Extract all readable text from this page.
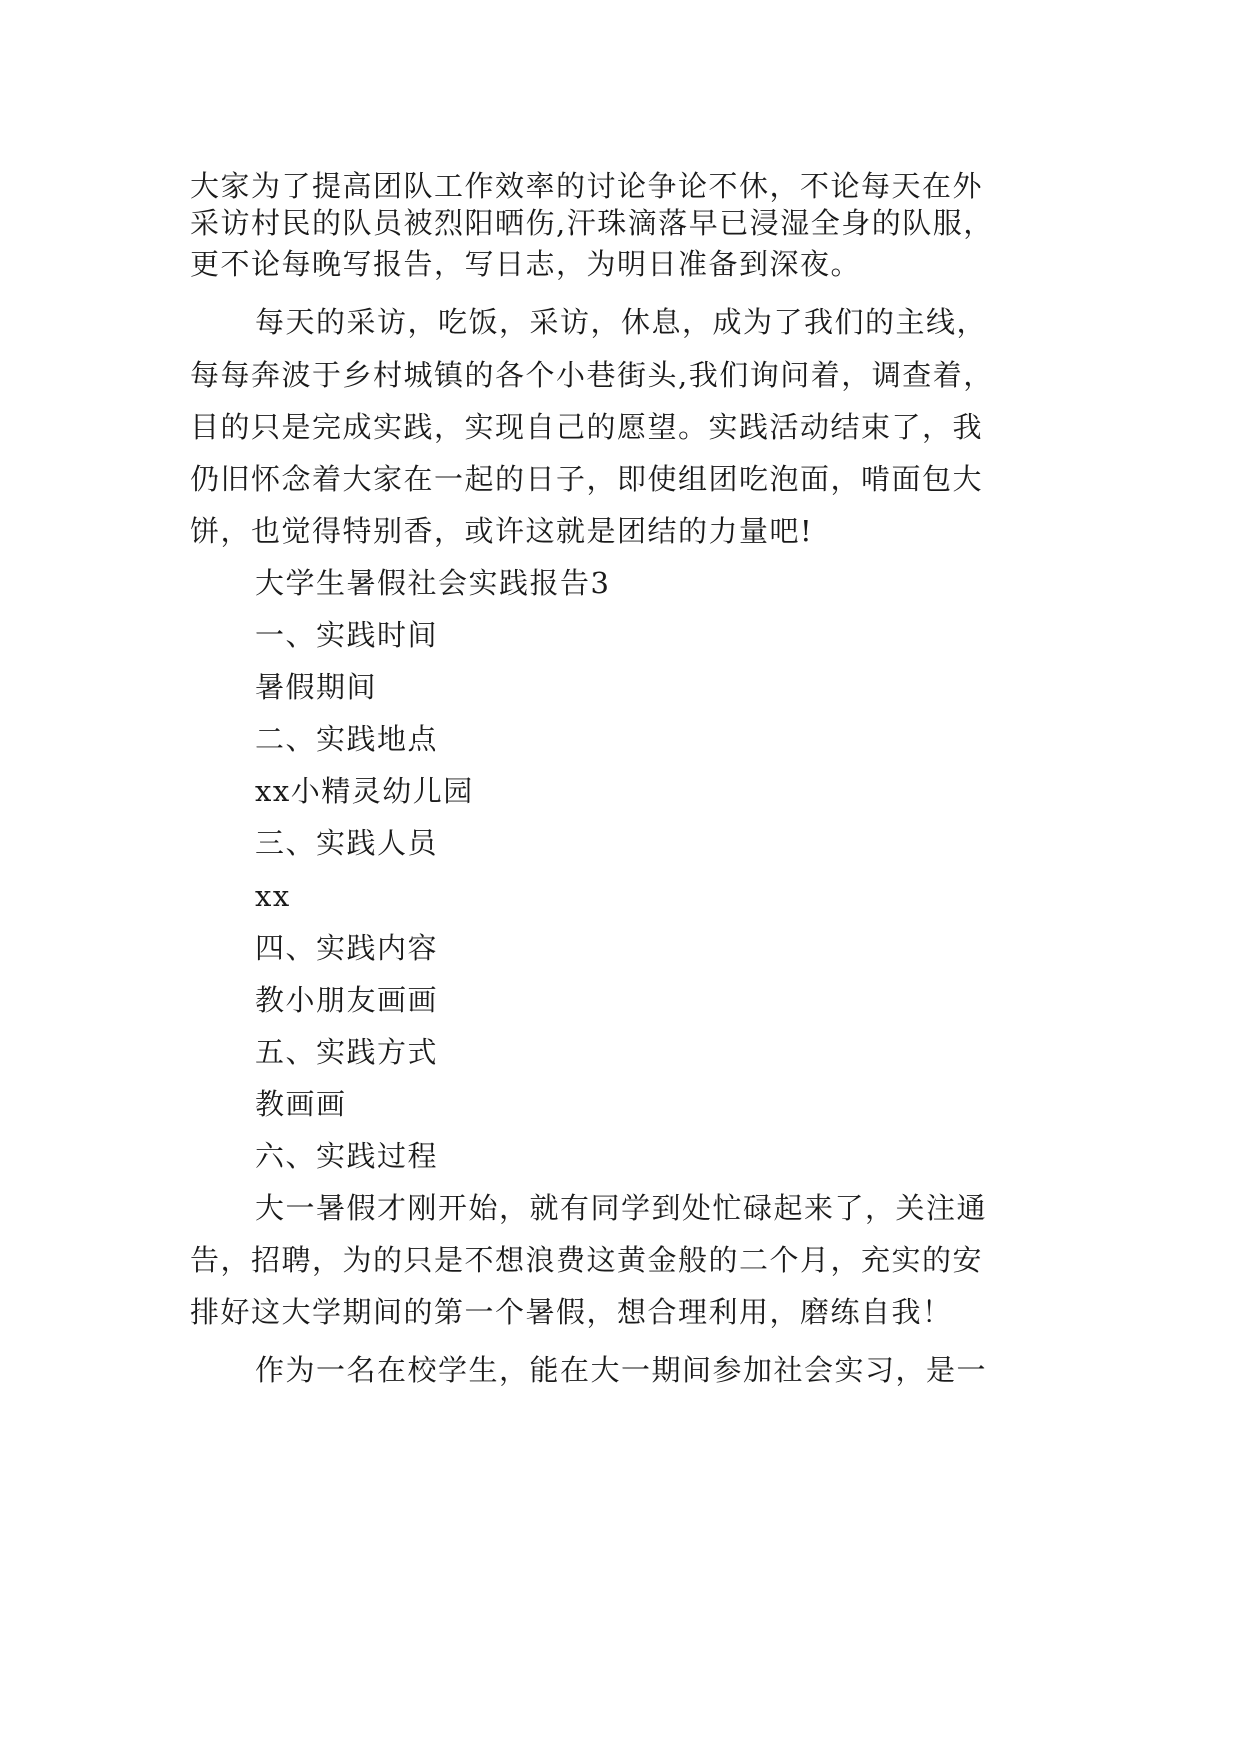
大家为了提高团队工作效率的讨论争论不休，不论每天在外
采访村民的队员被烈阳晒伤,汗珠滴落早已浸湿全身的队服，
更不论每晚写报告，写日志，为明日准备到深夜。
每天的采访，吃饭，采访，休息，成为了我们的主线，
每每奔波于乡村城镇的各个小巷街头,我们询问着，调查着，
目的只是完成实践，实现自己的愿望。实践活动结束了，我
仍旧怀念着大家在一起的日子，即使组团吃泡面，啃面包大
饼，也觉得特别香，或许这就是团结的力量吧!
大学生暑假社会实践报告3
一、实践时间
暑假期间
二、实践地点
xx小精灵幼儿园
三、实践人员
xx
四、实践内容
教小朋友画画
五、实践方式
教画画
六、实践过程
大一暑假才刚开始，就有同学到处忙碌起来了，关注通
告，招聘，为的只是不想浪费这黄金般的二个月，充实的安
排好这大学期间的第一个暑假，想合理利用，磨练自我！
作为一名在校学生，能在大一期间参加社会实习，是一
